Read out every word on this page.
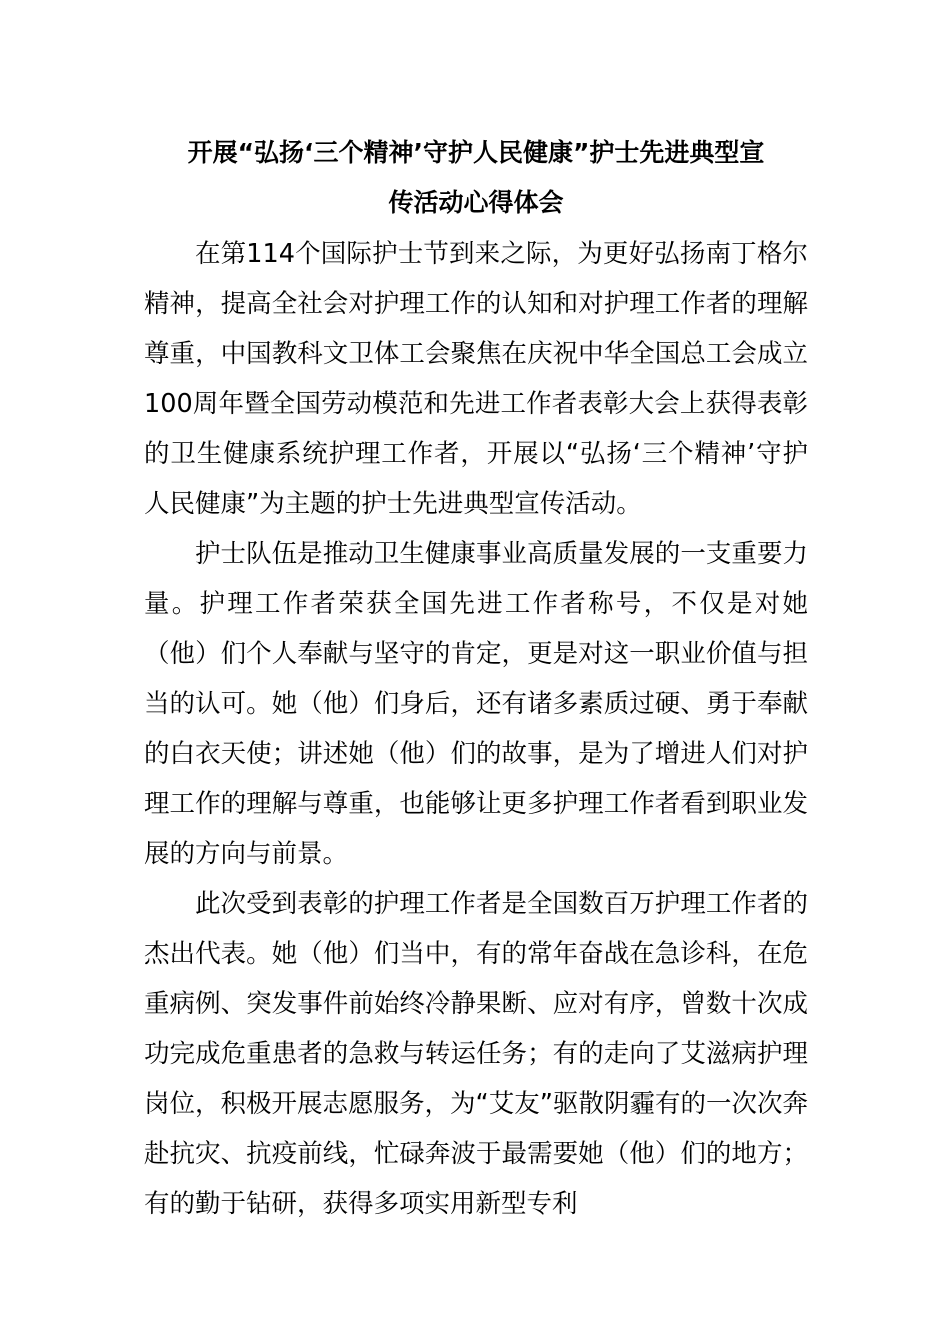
开展“弘扬‘三个精神’守护人民健康”护士先进典型宣
传活动心得体会

在第114个国际护士节到来之际，为更好弘扬南丁格尔精神，提高全社会对护理工作的认知和对护理工作者的理解尊重，中国教科文卫体工会聚焦在庆祝中华全国总工会成立100周年暨全国劳动模范和先进工作者表彰大会上获得表彰的卫生健康系统护理工作者，开展以“弘扬‘三个精神’守护人民健康”为主题的护士先进典型宣传活动。

护士队伍是推动卫生健康事业高质量发展的一支重要力量。护理工作者荣获全国先进工作者称号，不仅是对她（他）们个人奉献与坚守的肯定，更是对这一职业价值与担当的认可。她（他）们身后，还有诸多素质过硬、勇于奉献的白衣天使；讲述她（他）们的故事，是为了增进人们对护理工作的理解与尊重，也能够让更多护理工作者看到职业发展的方向与前景。

此次受到表彰的护理工作者是全国数百万护理工作者的杰出代表。她（他）们当中，有的常年奋战在急诊科，在危重病例、突发事件前始终冷静果断、应对有序，曾数十次成功完成危重患者的急救与转运任务；有的走向了艾滋病护理岗位，积极开展志愿服务，为“艾友”驱散阴霾有的一次次奔赴抗灾、抗疫前线，忙碌奔波于最需要她（他）们的地方；有的勤于钻研，获得多项实用新型专利
